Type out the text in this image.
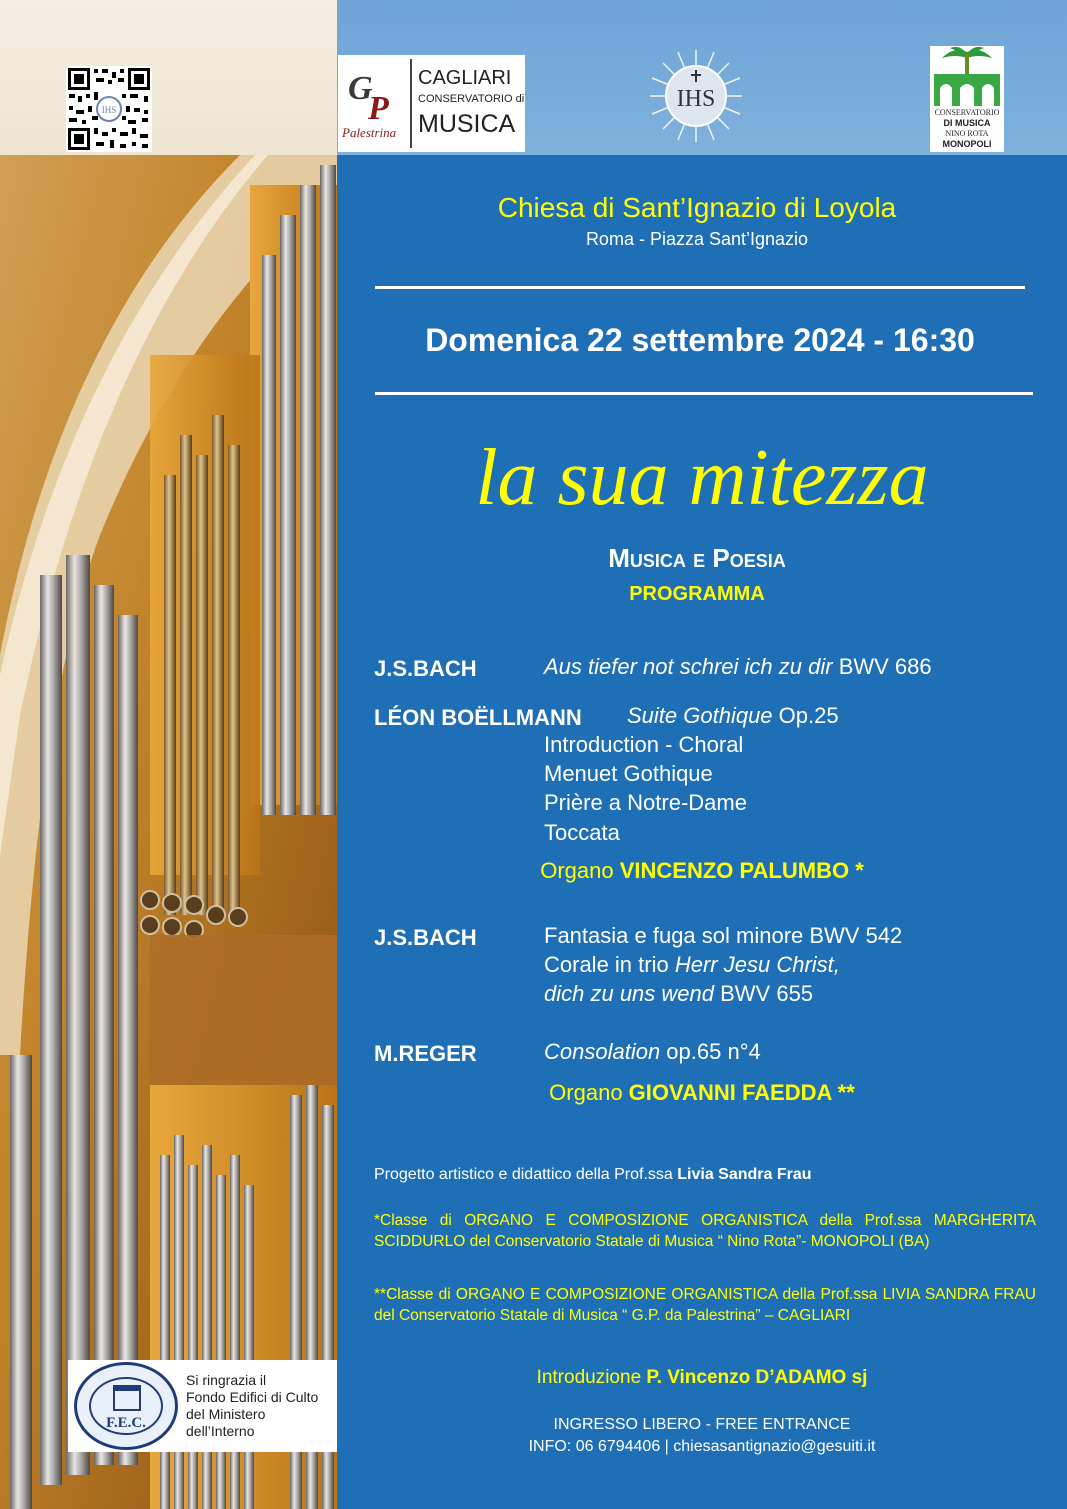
IHS
F.E.C.
Si ringrazia il
Fondo Edifici di Culto
del Ministero
dell’Interno
G
P
Palestrina
CAGLIARI
CONSERVATORIO di
MUSICA
IHS
CONSERVATORIO
DI MUSICA
NINO ROTA
MONOPOLI
Chiesa di Sant’Ignazio di Loyola
Roma - Piazza Sant’Ignazio
Domenica 22 settembre 2024 - 16:30
la sua mitezza
Musica e Poesia
PROGRAMMA
J.S.BACH	Aus tiefer not schrei ich zu dir BWV 686
LÉON BOËLLMANN Suite Gothique Op.25
Introduction - Choral
Menuet Gothique
Prière a Notre-Dame
Toccata
Organo VINCENZO PALUMBO *
J.S.BACH	Fantasia e fuga sol minore BWV 542
Corale in trio Herr Jesu Christ,
dich zu uns wend BWV 655
M.REGER	Consolation op.65 n°4
Organo GIOVANNI FAEDDA **
Progetto artistico e didattico della Prof.ssa Livia Sandra Frau
*Classe di ORGANO E COMPOSIZIONE ORGANISTICA della Prof.ssa MARGHERITA SCIDDURLO del Conservatorio Statale di Musica “ Nino Rota”- MONOPOLI (BA)
**Classe di ORGANO E COMPOSIZIONE ORGANISTICA della Prof.ssa LIVIA SANDRA FRAU del Conservatorio Statale di Musica “ G.P. da Palestrina” – CAGLIARI
Introduzione P. Vincenzo D’ADAMO sj
INGRESSO LIBERO - FREE ENTRANCE
INFO: 06 6794406 | chiesasantignazio@gesuiti.it
